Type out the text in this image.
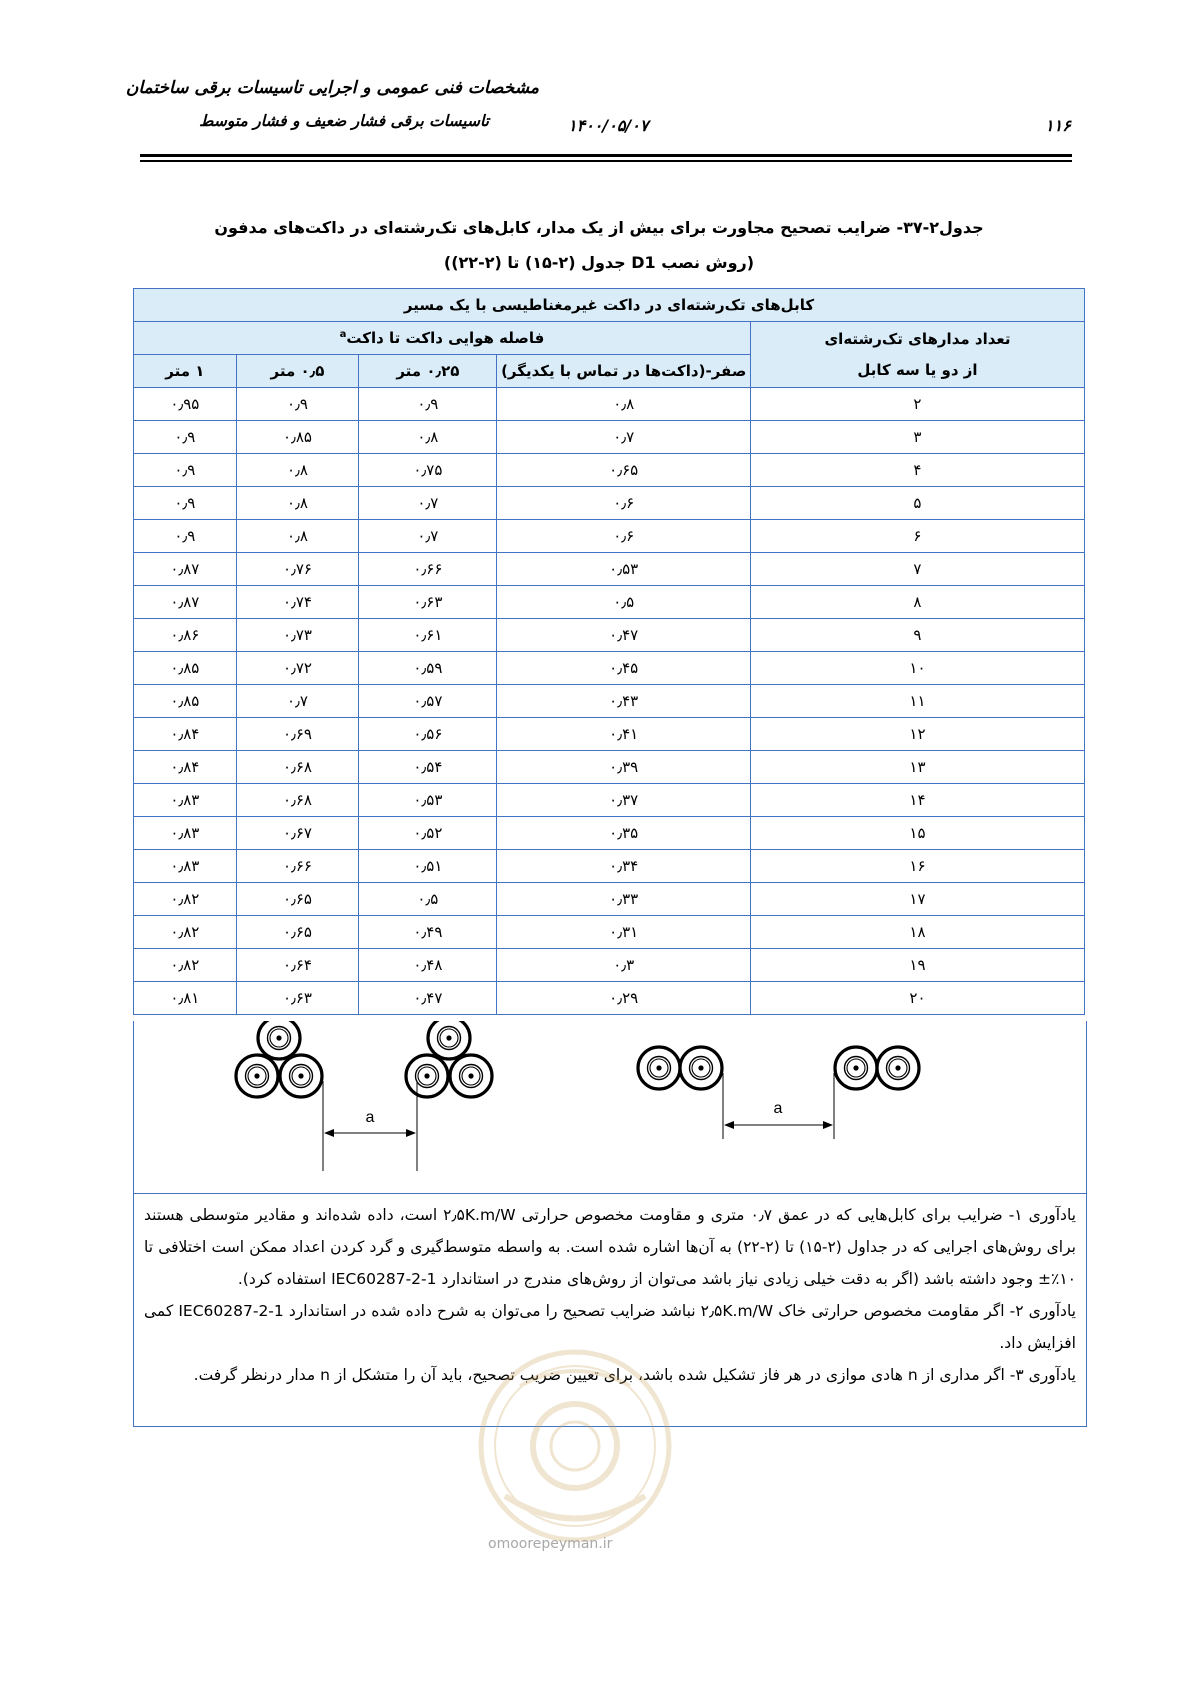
مشخصات فنی عمومی و اجرایی تاسیسات برقی ساختمان
تاسیسات برقی فشار ضعیف و فشار متوسط	۱۴۰۰/۰۵/۰۷	۱۱۶
جدول۲-۳۷- ضرایب تصحیح مجاورت برای بیش از یک مدار، کابل‌های تک‌رشته‌ای در داکت‌های مدفون
(روش نصب D1 جدول (۲-۱۵) تا (۲-۲۲))
کابل‌های تک‌رشته‌ای در داکت غیرمغناطیسی با یک مسیر				

تعداد مدارهای تک‌رشته‌ای
از دو یا سه کابل	فاصله هوایی داکت تا داکت$^a$
	صفر-(داکت‌ها در تماس با یکدیگر)	۰٫۲۵ متر	۰٫۵ متر	۱ متر
۲	۰٫۸	۰٫۹	۰٫۹	۰٫۹۵
۳	۰٫۷	۰٫۸	۰٫۸۵	۰٫۹
۴	۰٫۶۵	۰٫۷۵	۰٫۸	۰٫۹
۵	۰٫۶	۰٫۷	۰٫۸	۰٫۹
۶	۰٫۶	۰٫۷	۰٫۸	۰٫۹
۷	۰٫۵۳	۰٫۶۶	۰٫۷۶	۰٫۸۷
۸	۰٫۵	۰٫۶۳	۰٫۷۴	۰٫۸۷
۹	۰٫۴۷	۰٫۶۱	۰٫۷۳	۰٫۸۶
۱۰	۰٫۴۵	۰٫۵۹	۰٫۷۲	۰٫۸۵
۱۱	۰٫۴۳	۰٫۵۷	۰٫۷	۰٫۸۵
۱۲	۰٫۴۱	۰٫۵۶	۰٫۶۹	۰٫۸۴
۱۳	۰٫۳۹	۰٫۵۴	۰٫۶۸	۰٫۸۴
۱۴	۰٫۳۷	۰٫۵۳	۰٫۶۸	۰٫۸۳
۱۵	۰٫۳۵	۰٫۵۲	۰٫۶۷	۰٫۸۳
۱۶	۰٫۳۴	۰٫۵۱	۰٫۶۶	۰٫۸۳
۱۷	۰٫۳۳	۰٫۵	۰٫۶۵	۰٫۸۲
۱۸	۰٫۳۱	۰٫۴۹	۰٫۶۵	۰٫۸۲
۱۹	۰٫۳	۰٫۴۸	۰٫۶۴	۰٫۸۲
۲۰	۰٫۲۹	۰٫۴۷	۰٫۶۳	۰٫۸۱
a
a
یادآوری ۱- ضرایب برای کابل‌هایی که در عمق ۰٫۷ متری و مقاومت مخصوص حرارتی ۲٫۵K.m/W است، داده شده‌اند و مقادیر متوسطی هستند برای روش‌های اجرایی که در جداول (۲-۱۵) تا (۲-۲۲) به آن‌ها اشاره شده است. به واسطه متوسط‌گیری و گرد کردن اعداد ممکن است اختلافی تا ۱۰٪± وجود داشته باشد (اگر به دقت خیلی زیادی نیاز باشد می‌توان از روش‌های مندرج در استاندارد IEC60287-2-1 استفاده کرد).
یادآوری ۲- اگر مقاومت مخصوص حرارتی خاک ۲٫۵K.m/W نباشد ضرایب تصحیح را می‌توان به شرح داده شده در استاندارد IEC60287-2-1 کمی افزایش داد.
یادآوری ۳- اگر مداری از n هادی موازی در هر فاز تشکیل شده باشد، برای تعیین ضریب تصحیح، باید آن را متشکل از n مدار درنظر گرفت.
omoorepeyman.ir
